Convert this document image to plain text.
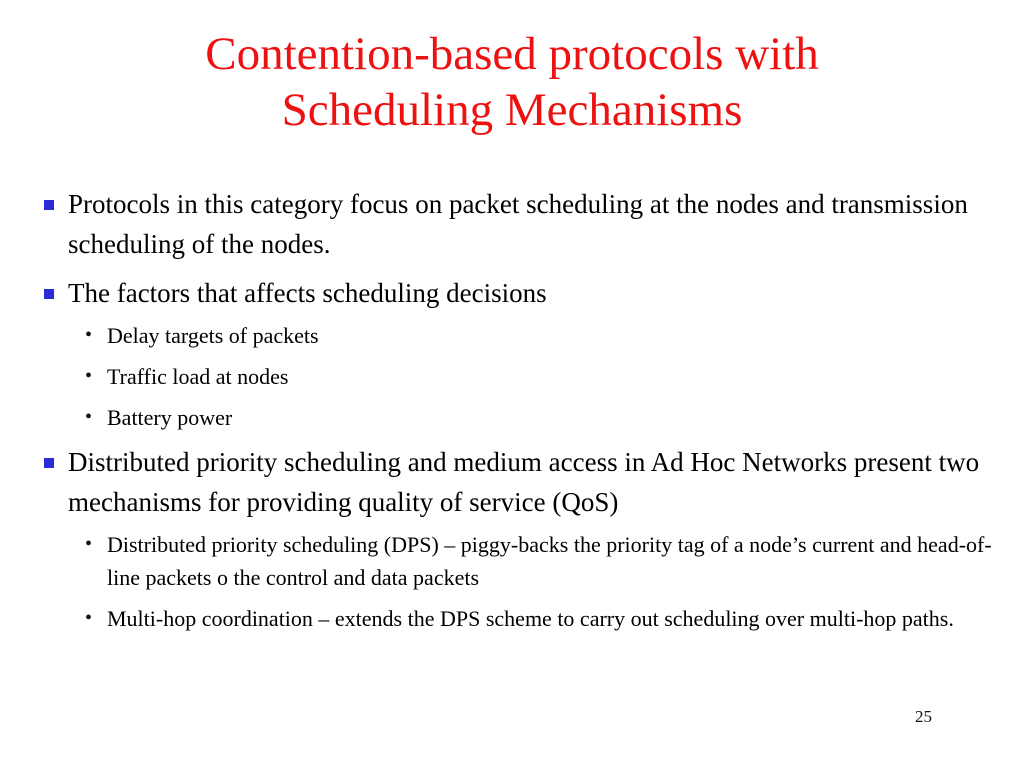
Contention-based protocols with
Scheduling Mechanisms
Protocols in this category focus on packet scheduling at the nodes and transmission scheduling of the nodes.
The factors that affects scheduling decisions
• Delay targets of packets
• Traffic load at nodes
• Battery power
Distributed priority scheduling and medium access in Ad Hoc Networks present two mechanisms for providing quality of service (QoS)
• Distributed priority scheduling (DPS) – piggy-backs the priority tag of a node’s current and head-of-line packets o the control and data packets
• Multi-hop coordination – extends the DPS scheme to carry out scheduling over multi-hop paths.
25
